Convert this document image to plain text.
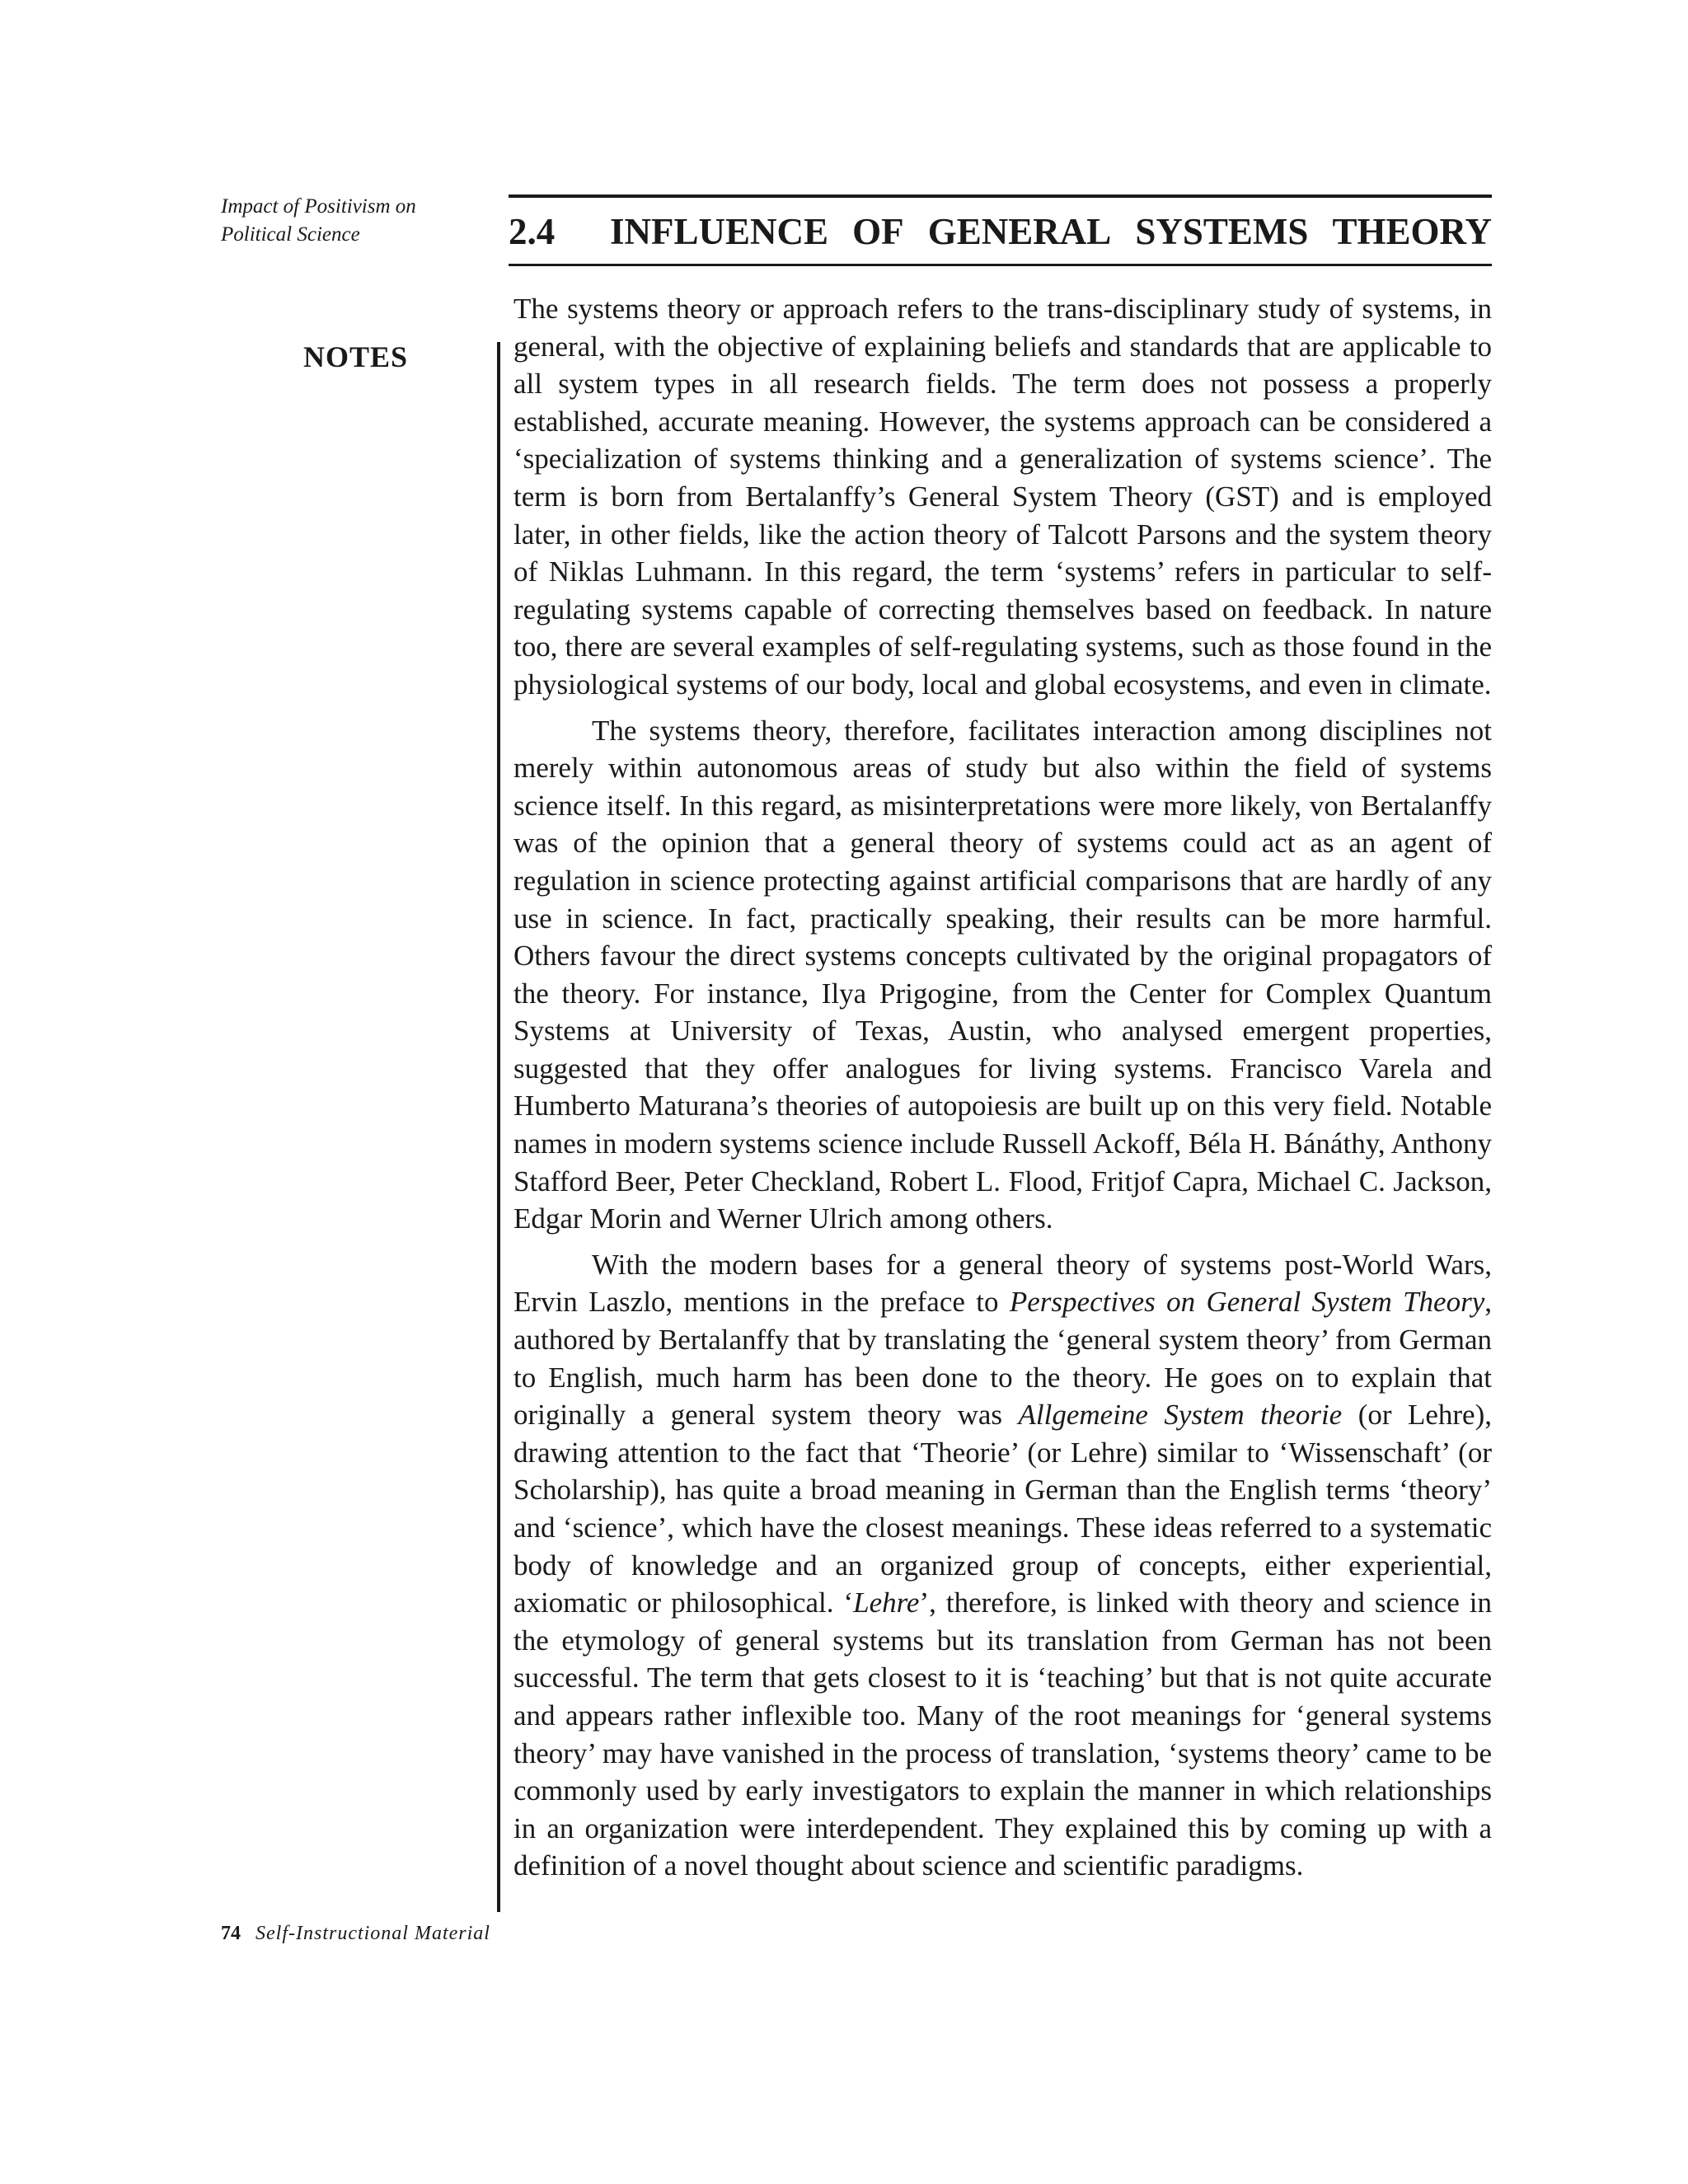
Impact of Positivism on
Political Science
NOTES
2.4	INFLUENCE OF GENERAL SYSTEMS THEORY

The systems theory or approach refers to the trans-disciplinary study of systems, in general, with the objective of explaining beliefs and standards that are applicable to all system types in all research fields. The term does not possess a properly established, accurate meaning. However, the systems approach can be considered a ‘specialization of systems thinking and a generalization of systems science’. The term is born from Bertalanffy’s General System Theory (GST) and is employed later, in other fields, like the action theory of Talcott Parsons and the system theory of Niklas Luhmann. In this regard, the term ‘systems’ refers in particular to self-regulating systems capable of correcting themselves based on feedback. In nature too, there are several examples of self-regulating systems, such as those found in the physiological systems of our body, local and global ecosystems, and even in climate.

The systems theory, therefore, facilitates interaction among disciplines not merely within autonomous areas of study but also within the field of systems science itself. In this regard, as misinterpretations were more likely, von Bertalanffy was of the opinion that a general theory of systems could act as an agent of regulation in science protecting against artificial comparisons that are hardly of any use in science. In fact, practically speaking, their results can be more harmful. Others favour the direct systems concepts cultivated by the original propagators of the theory. For instance, Ilya Prigogine, from the Center for Complex Quantum Systems at University of Texas, Austin, who analysed emergent properties, suggested that they offer analogues for living systems. Francisco Varela and Humberto Maturana’s theories of autopoiesis are built up on this very field. Notable names in modern systems science include Russell Ackoff, Béla H. Bánáthy, Anthony Stafford Beer, Peter Checkland, Robert L. Flood, Fritjof Capra, Michael C. Jackson, Edgar Morin and Werner Ulrich among others.

With the modern bases for a general theory of systems post-World Wars, Ervin Laszlo, mentions in the preface to Perspectives on General System Theory, authored by Bertalanffy that by translating the ‘general system theory’ from German to English, much harm has been done to the theory. He goes on to explain that originally a general system theory was Allgemeine System theorie (or Lehre), drawing attention to the fact that ‘Theorie’ (or Lehre) similar to ‘Wissenschaft’ (or Scholarship), has quite a broad meaning in German than the English terms ‘theory’ and ‘science’, which have the closest meanings. These ideas referred to a systematic body of knowledge and an organized group of concepts, either experiential, axiomatic or philosophical. ‘Lehre’, therefore, is linked with theory and science in the etymology of general systems but its translation from German has not been successful. The term that gets closest to it is ‘teaching’ but that is not quite accurate and appears rather inflexible too. Many of the root meanings for ‘general systems theory’ may have vanished in the process of translation, ‘systems theory’ came to be commonly used by early investigators to explain the manner in which relationships in an organization were interdependent. They explained this by coming up with a definition of a novel thought about science and scientific paradigms.

74 Self-Instructional Material
